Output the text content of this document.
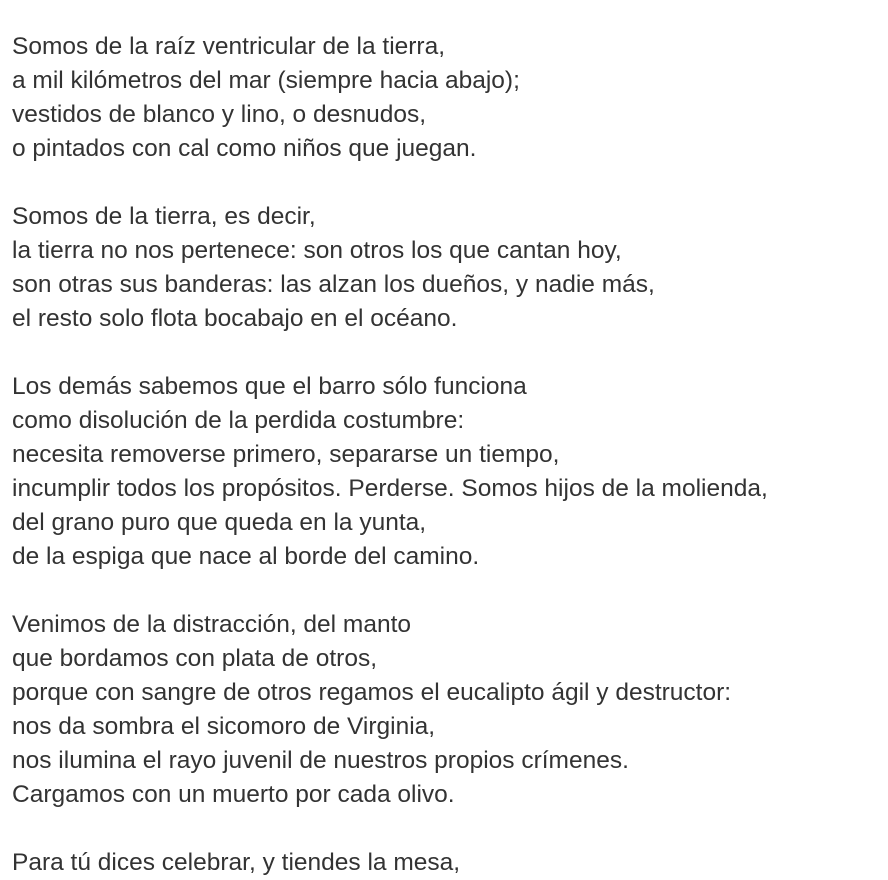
Somos de la raíz ventricular de la tierra,
a mil kilómetros del mar (siempre hacia abajo);
vestidos de blanco y lino, o desnudos,
o pintados con cal como niños que juegan.
Somos de la tierra, es decir,
la tierra no nos pertenece: son otros los que cantan hoy,
son otras sus banderas: las alzan los dueños, y nadie más,
el resto solo flota bocabajo en el océano.
Los demás sabemos que el barro sólo funciona
como disolución de la perdida costumbre:
necesita removerse primero, separarse un tiempo,
incumplir todos los propósitos. Perderse. Somos hijos de la molienda,
del grano puro que queda en la yunta,
de la espiga que nace al borde del camino.
Venimos de la distracción, del manto
que bordamos con plata de otros,
porque con sangre de otros regamos el eucalipto ágil y destructor:
nos da sombra el sicomoro de Virginia,
nos ilumina el rayo juvenil de nuestros propios crímenes.
Cargamos con un muerto por cada olivo.
Para tú dices celebrar, y tiendes la mesa,
